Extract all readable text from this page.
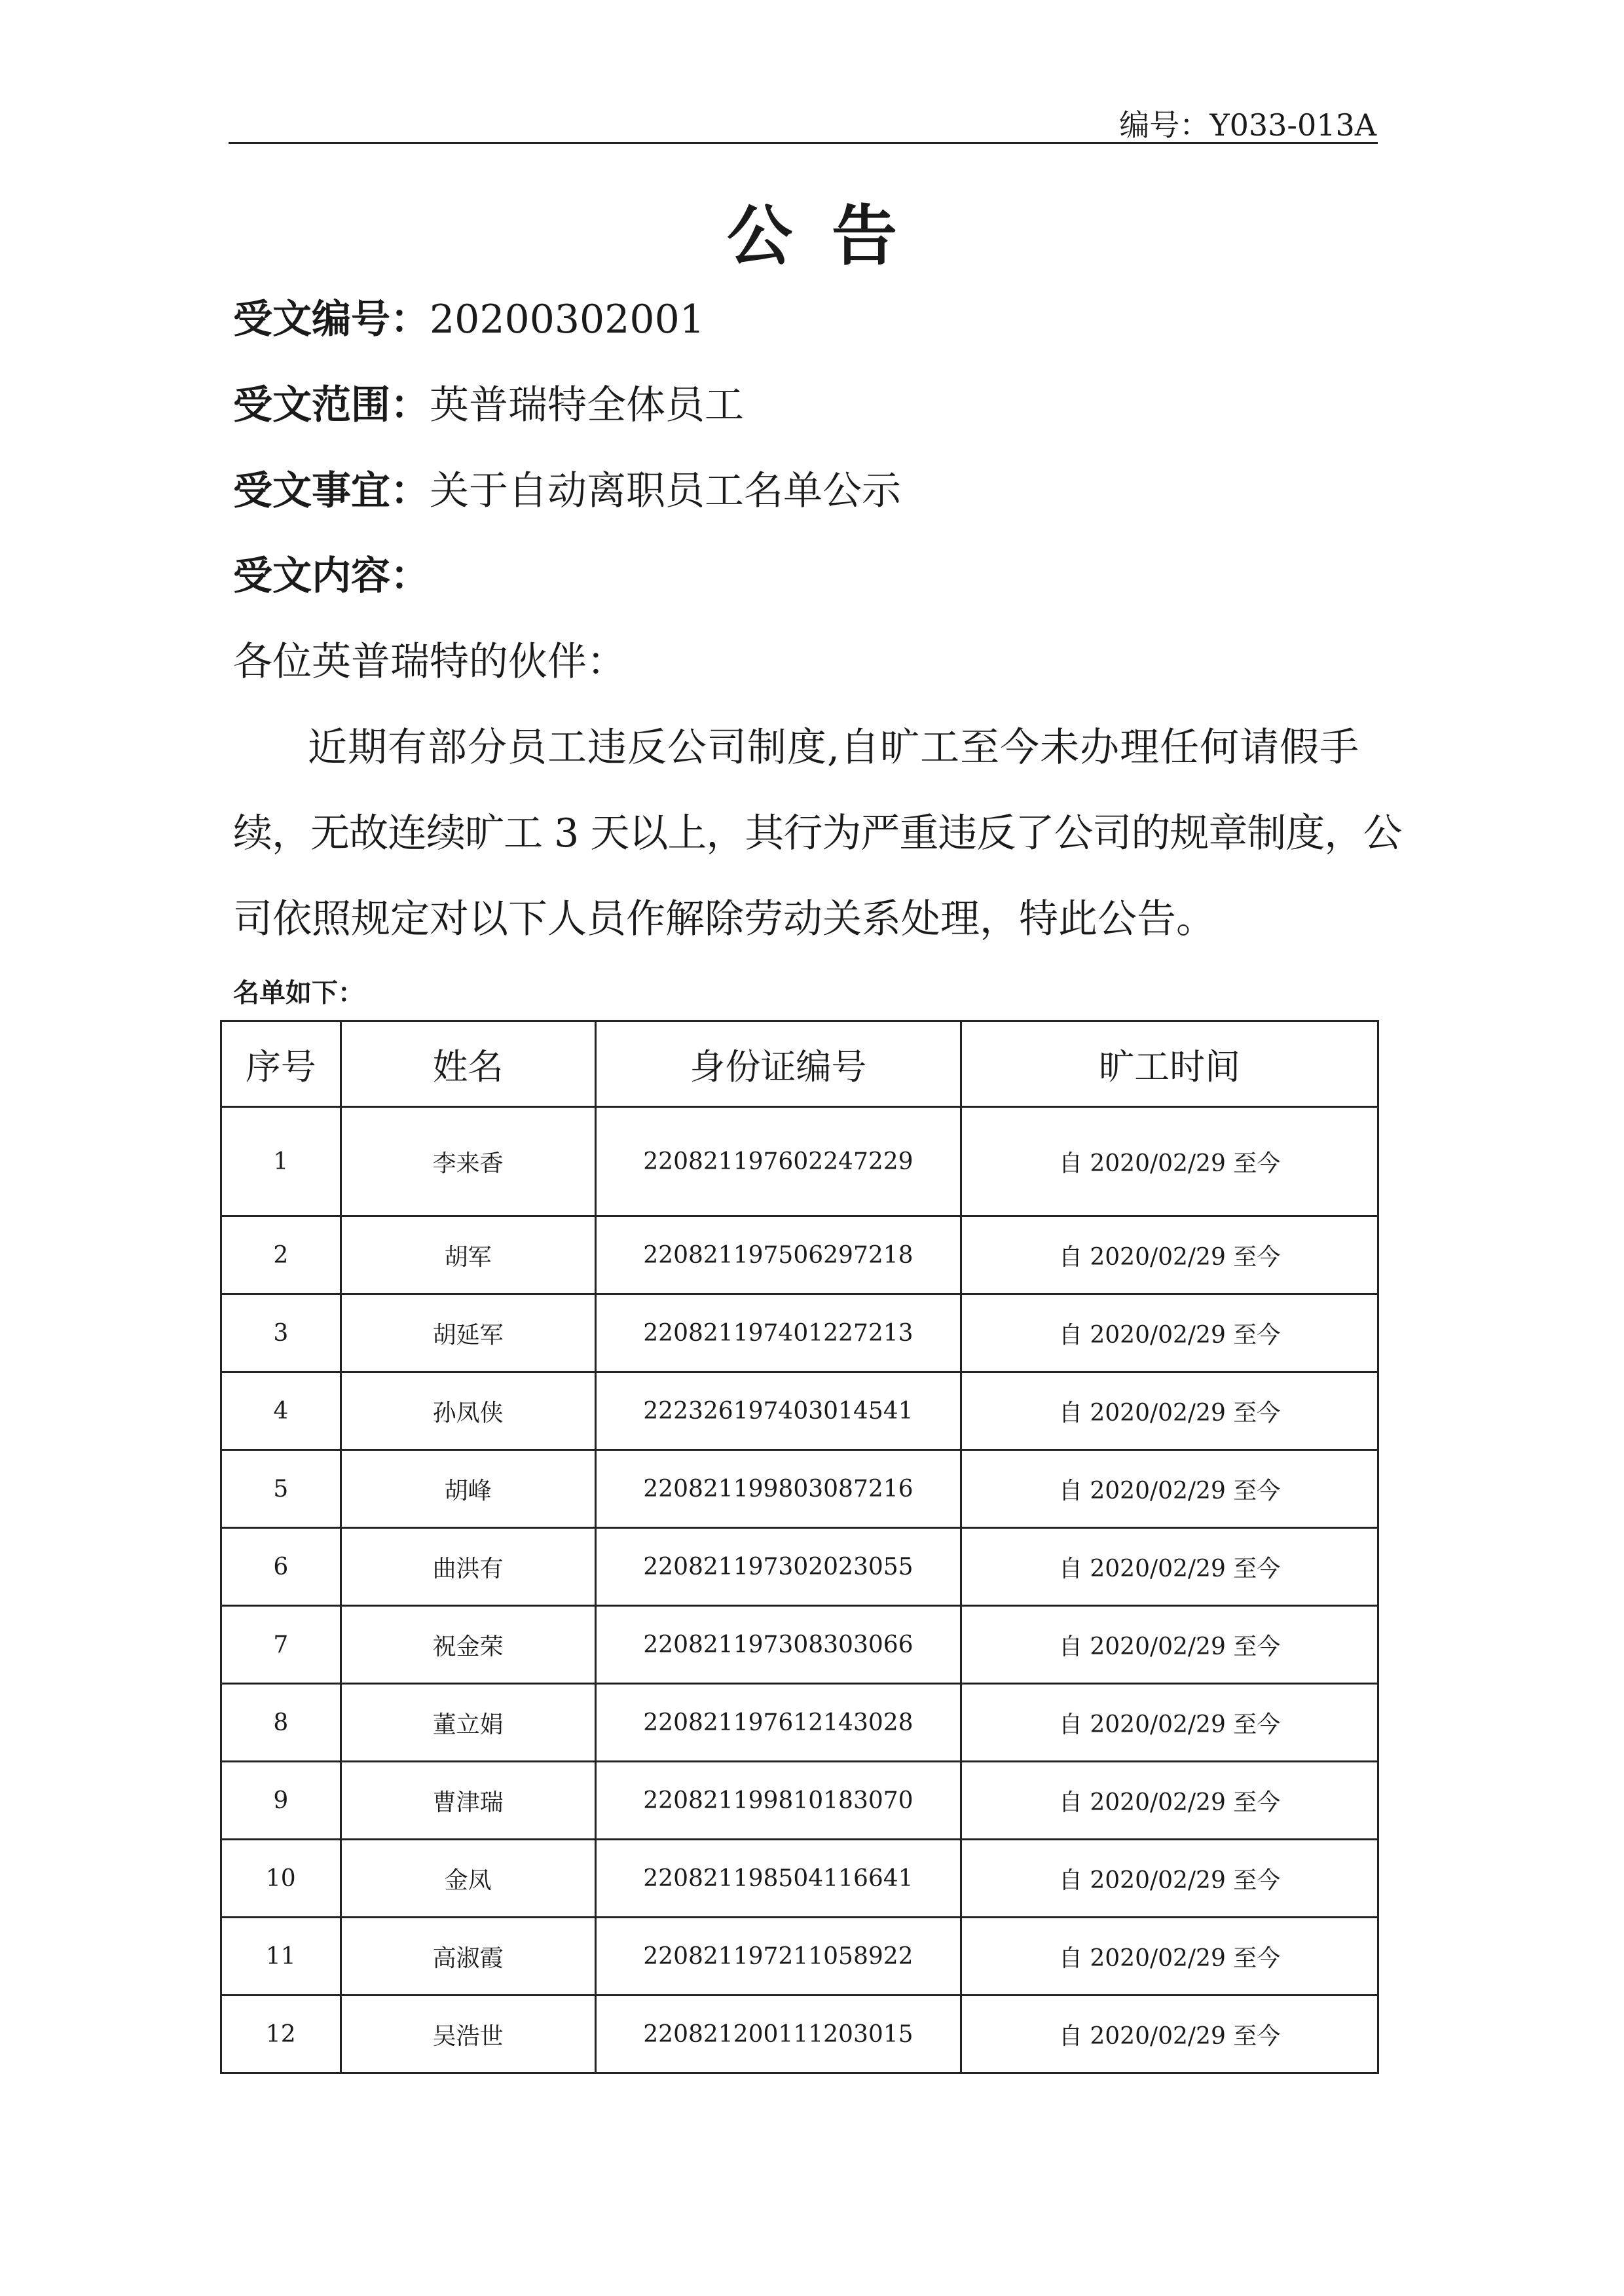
编号：Y033-013A
公告
受文编号：20200302001
受文范围：英普瑞特全体员工
受文事宜：关于自动离职员工名单公示
受文内容：
各位英普瑞特的伙伴：
近期有部分员工违反公司制度,自旷工至今未办理任何请假手
续，无故连续旷工 3 天以上，其行为严重违反了公司的规章制度，公
司依照规定对以下人员作解除劳动关系处理，特此公告。
名单如下：
序号	姓名	身份证编号	旷工时间
1	李来香	220821197602247229	自 2020/02/29 至今
2	胡军	220821197506297218	自 2020/02/29 至今
3	胡延军	220821197401227213	自 2020/02/29 至今
4	孙凤侠	222326197403014541	自 2020/02/29 至今
5	胡峰	220821199803087216	自 2020/02/29 至今
6	曲洪有	220821197302023055	自 2020/02/29 至今
7	祝金荣	220821197308303066	自 2020/02/29 至今
8	董立娟	220821197612143028	自 2020/02/29 至今
9	曹津瑞	220821199810183070	自 2020/02/29 至今
10	金凤	220821198504116641	自 2020/02/29 至今
11	高淑霞	220821197211058922	自 2020/02/29 至今
12	吴浩世	220821200111203015	自 2020/02/29 至今
